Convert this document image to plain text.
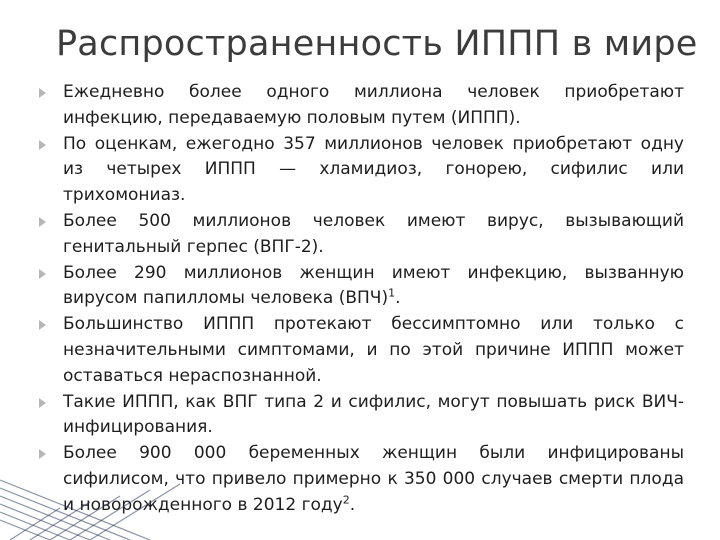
Распространенность ИППП в мире
Ежедневно более одного миллиона человек приобретают инфекцию, передаваемую половым путем (ИППП).
По оценкам, ежегодно 357 миллионов человек приобретают одну из четырех ИППП — хламидиоз, гонорею, сифилис или трихомониаз.
Более 500 миллионов человек имеют вирус, вызывающий генитальный герпес (ВПГ-2).
Более 290 миллионов женщин имеют инфекцию, вызванную вирусом папилломы человека (ВПЧ)$^1$.
Большинство ИППП протекают бессимптомно или только с незначительными симптомами, и по этой причине ИППП может оставаться нераспознанной.
Такие ИППП, как ВПГ типа 2 и сифилис, могут повышать риск ВИЧ-инфицирования.
Более 900 000 беременных женщин были инфицированы сифилисом, что привело примерно к 350 000 случаев смерти плода и новорожденного в 2012 году$^2$.
